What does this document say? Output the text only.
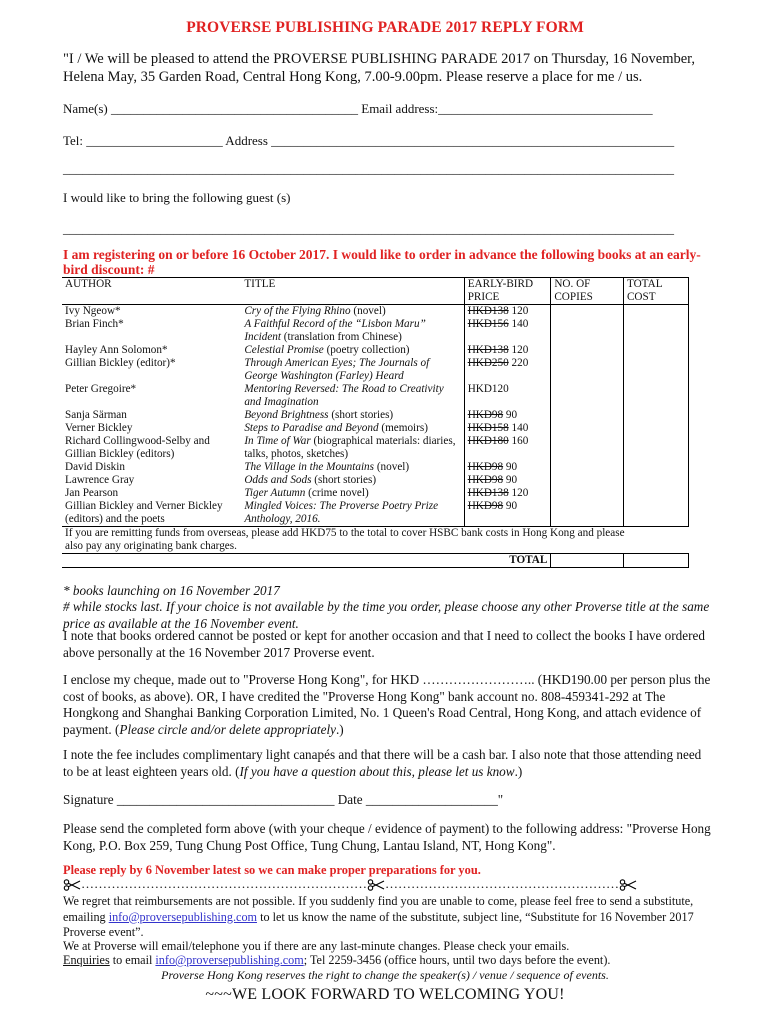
PROVERSE PUBLISHING PARADE 2017 REPLY FORM
"I / We will be pleased to attend the PROVERSE PUBLISHING PARADE 2017 on Thursday, 16 November, Helena May, 35 Garden Road, Central Hong Kong, 7.00-9.00pm. Please reserve a place for me / us.
Name(s) ______________________________________ Email address:_________________________________
Tel: _____________________ Address ______________________________________________________________
______________________________________________________________________________________________
I would like to bring the following guest (s)
______________________________________________________________________________________________
I am registering on or before 16 October 2017. I would like to order in advance the following books at an early-bird discount: #
AUTHOR	TITLE	EARLY-BIRD PRICE	NO. OF COPIES	TOTAL COST
Ivy Ngeow*	Cry of the Flying Rhino (novel)	HKD138 120		
Brian Finch*	A Faithful Record of the “Lisbon Maru” Incident (translation from Chinese)	HKD156 140		
Hayley Ann Solomon*	Celestial Promise (poetry collection)	HKD138 120		
Gillian Bickley (editor)*	Through American Eyes; The Journals of George Washington (Farley) Heard	HKD250 220		
Peter Gregoire*	Mentoring Reversed: The Road to Creativity and Imagination	HKD120		
Sanja Särman	Beyond Brightness (short stories)	HKD98 90		
Verner Bickley	Steps to Paradise and Beyond (memoirs)	HKD158 140		
Richard Collingwood-Selby and Gillian Bickley (editors)	In Time of War (biographical materials: diaries, talks, photos, sketches)	HKD180 160		
David Diskin	The Village in the Mountains (novel)	HKD98 90		
Lawrence Gray	Odds and Sods (short stories)	HKD98 90		
Jan Pearson	Tiger Autumn (crime novel)	HKD138 120		
Gillian Bickley and Verner Bickley (editors) and the poets	Mingled Voices: The Proverse Poetry Prize Anthology, 2016.	HKD98 90		
If you are remitting funds from overseas, please add HKD75 to the total to cover HSBC bank costs in Hong Kong and please also pay any originating bank charges.				
TOTAL				
* books launching on 16 November 2017
# while stocks last. If your choice is not available by the time you order, please choose any other Proverse title at the same price as available at the 16 November event.
I note that books ordered cannot be posted or kept for another occasion and that I need to collect the books I have ordered above personally at the 16 November 2017 Proverse event.
I enclose my cheque, made out to "Proverse Hong Kong", for HKD …………………….. (HKD190.00 per person plus the cost of books, as above). OR, I have credited the "Proverse Hong Kong" bank account no. 808-459341-292 at The Hongkong and Shanghai Banking Corporation Limited, No. 1 Queen's Road Central, Hong Kong, and attach evidence of payment. (Please circle and/or delete appropriately.)
I note the fee includes complimentary light canapés and that there will be a cash bar. I also note that those attending need to be at least eighteen years old. (If you have a question about this, please let us know.)
Signature _________________________________ Date ____________________"
Please send the completed form above (with your cheque / evidence of payment) to the following address: "Proverse Hong Kong, P.O. Box 259, Tung Chung Post Office, Tung Chung, Lantau Island, NT, Hong Kong".
Please reply by 6 November latest so we can make proper preparations for you.
………………………………………………………… ………………………………………………
We regret that reimbursements are not possible. If you suddenly find you are unable to come, please feel free to send a substitute, emailing info@proversepublishing.com to let us know the name of the substitute, subject line, “Substitute for 16 November 2017 Proverse event”.
We at Proverse will email/telephone you if there are any last-minute changes. Please check your emails.
Enquiries to email info@proversepublishing.com; Tel 2259-3456 (office hours, until two days before the event).
Proverse Hong Kong reserves the right to change the speaker(s) / venue / sequence of events.
~~~WE LOOK FORWARD TO WELCOMING YOU!
